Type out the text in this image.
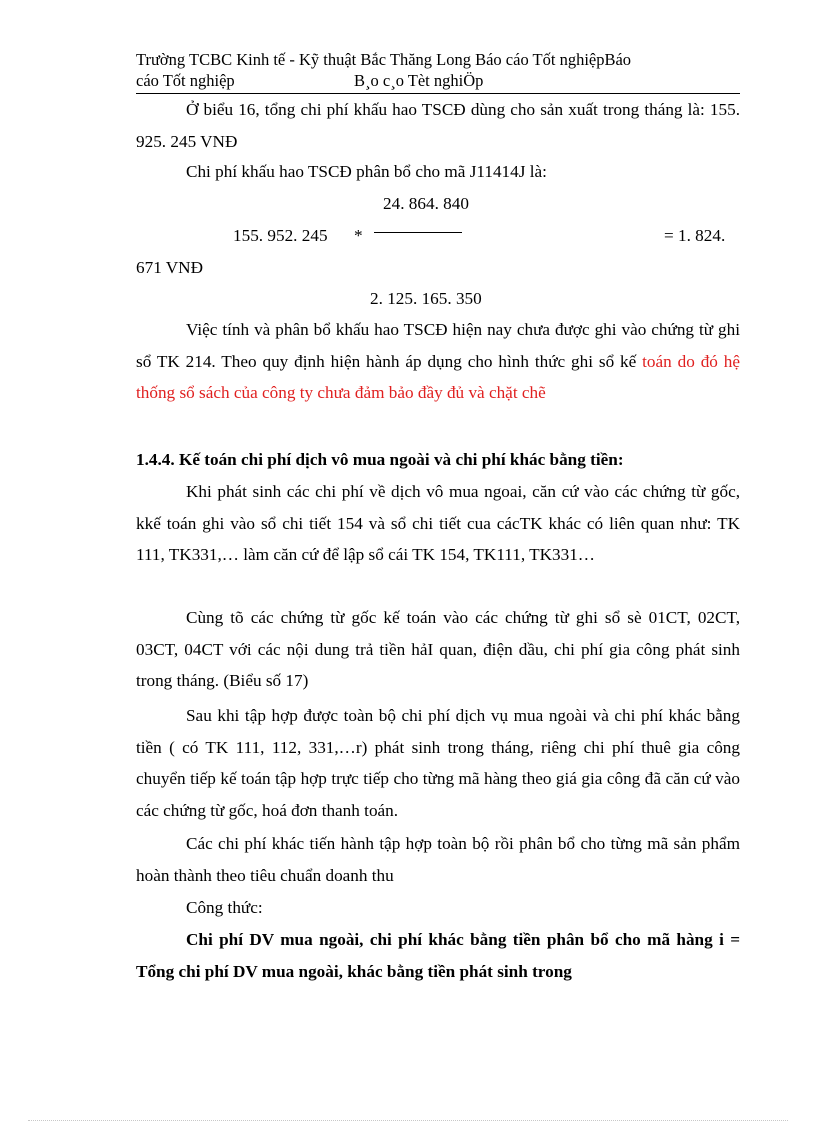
Trường TCBC Kinh tế - Kỹ thuật Bắc Thăng Long Báo cáo Tốt nghiệpBáo
cáo Tốt nghiệp	B¸o c¸o Tèt nghiÖp

Ở biểu 16, tổng chi phí khấu hao TSCĐ dùng cho sản xuất trong tháng là: 155. 925. 245 VNĐ

Chi phí khấu hao TSCĐ phân bổ cho mã J11414J là:

24. 864. 840
155. 952. 245 *	= 1. 824.
671 VNĐ
2. 125. 165. 350

Việc tính và phân bổ khấu hao TSCĐ hiện nay chưa được ghi vào chứng từ ghi sổ TK 214. Theo quy định hiện hành áp dụng cho hình thức ghi sổ kế toán do đó hệ thống sổ sách của công ty chưa đảm bảo đầy đủ và chặt chẽ

1.4.4. Kế toán chi phí dịch vô mua ngoài và chi phí khác bằng tiền:

Khi phát sinh các chi phí về dịch vô mua ngoai, căn cứ vào các chứng từ gốc, kkế toán ghi vào sổ chi tiết 154 và sổ chi tiết cua cácTK khác có liên quan như: TK 111, TK331,… làm căn cứ để lập sổ cái TK 154, TK111, TK331…

Cùng tõ các chứng từ gốc kế toán vào các chứng từ ghi sổ sè 01CT, 02CT, 03CT, 04CT với các nội dung trả tiền hảI quan, điện dầu, chi phí gia công phát sinh trong tháng. (Biểu số 17)

Sau khi tập hợp được toàn bộ chi phí dịch vụ mua ngoài và chi phí khác bằng tiền ( có TK 111, 112, 331,…r) phát sinh trong tháng, riêng chi phí thuê gia công chuyển tiếp kế toán tập hợp trực tiếp cho từng mã hàng theo giá gia công đã căn cứ vào các chứng từ gốc, hoá đơn thanh toán.

Các chi phí khác tiến hành tập hợp toàn bộ rồi phân bổ cho từng mã sản phẩm hoàn thành theo tiêu chuẩn doanh thu

Công thức:

Chi phí DV mua ngoài, chi phí khác bằng tiền phân bổ cho mã hàng i = Tổng chi phí DV mua ngoài, khác bằng tiền phát sinh trong
